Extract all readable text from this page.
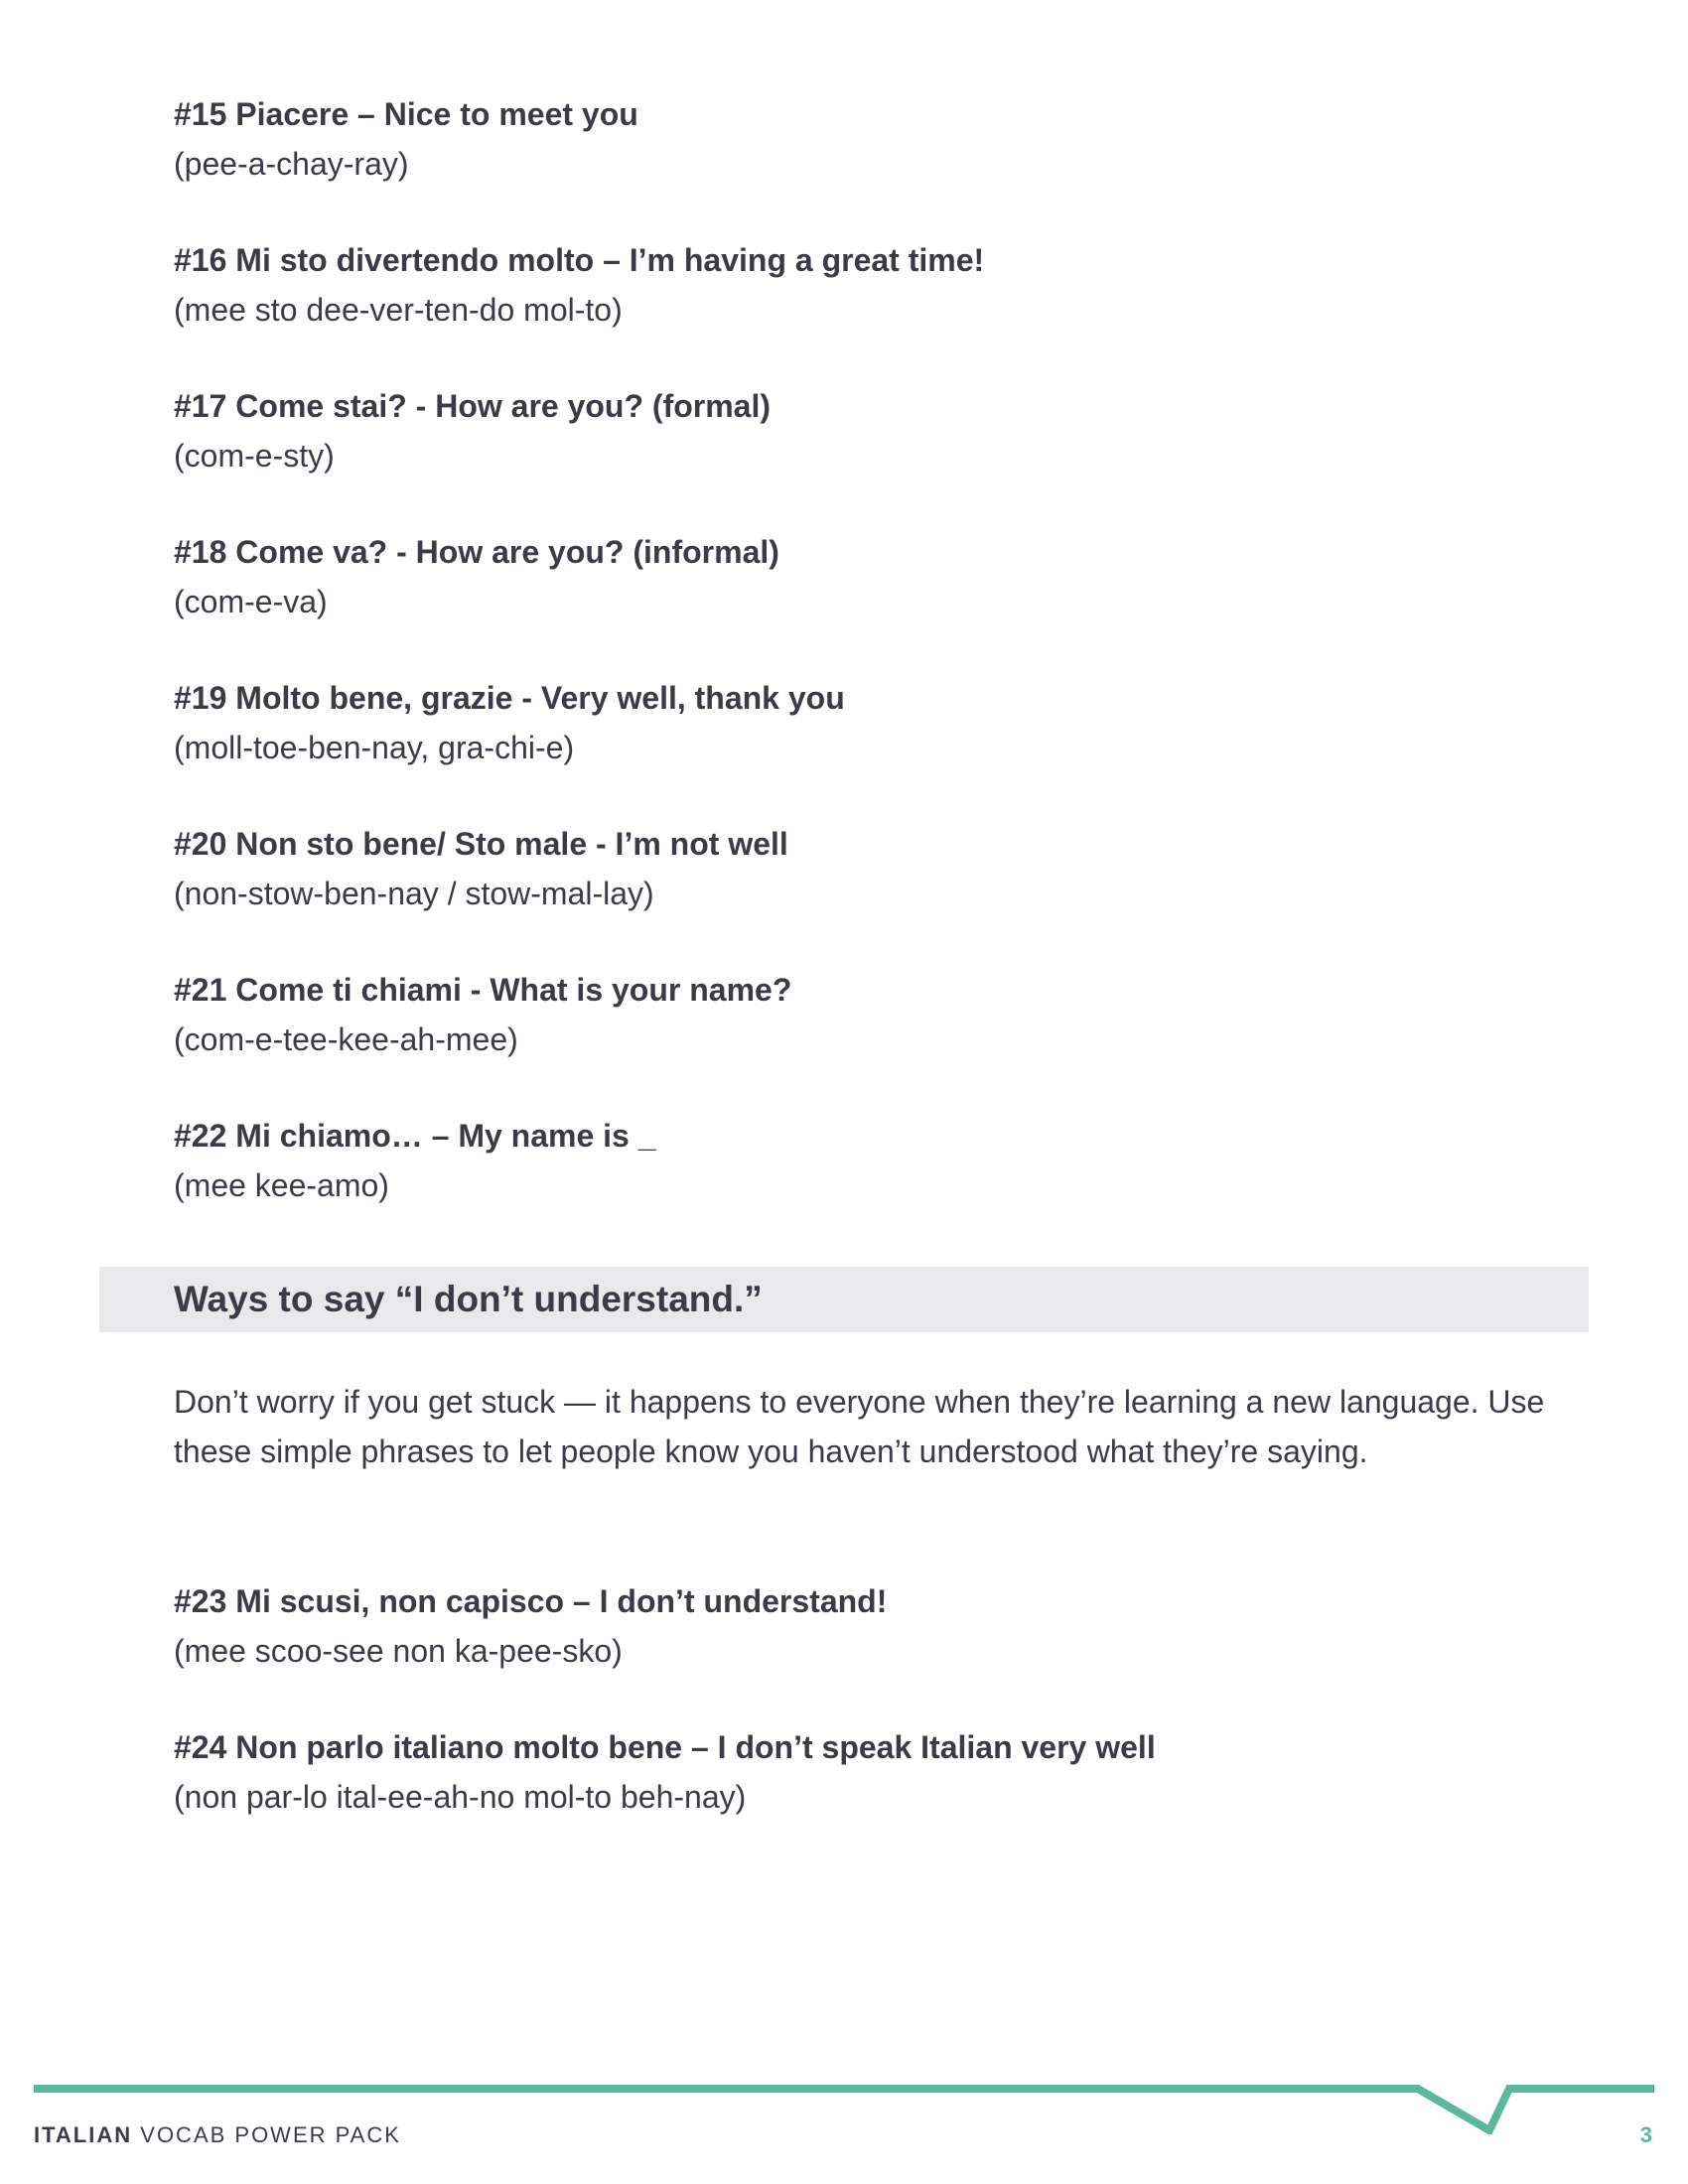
#15 Piacere – Nice to meet you

(pee-a-chay-ray)

#16 Mi sto divertendo molto – I’m having a great time!

(mee sto dee-ver-ten-do mol-to)

#17 Come stai? - How are you? (formal)

(com-e-sty)

#18 Come va? - How are you? (informal)

(com-e-va)

#19 Molto bene, grazie - Very well, thank you

(moll-toe-ben-nay, gra-chi-e)

#20 Non sto bene/ Sto male - I’m not well

(non-stow-ben-nay / stow-mal-lay)

#21 Come ti chiami - What is your name?

(com-e-tee-kee-ah-mee)

#22 Mi chiamo… – My name is _

(mee kee-amo)

Ways to say “I don’t understand.”

Don’t worry if you get stuck — it happens to everyone when they’re learning a new language. Use these simple phrases to let people know you haven’t understood what they’re saying.

#23 Mi scusi, non capisco – I don’t understand!

(mee scoo-see non ka-pee-sko)

#24 Non parlo italiano molto bene – I don’t speak Italian very well

(non par-lo ital-ee-ah-no mol-to beh-nay)

ITALIAN VOCAB POWER PACK	3
